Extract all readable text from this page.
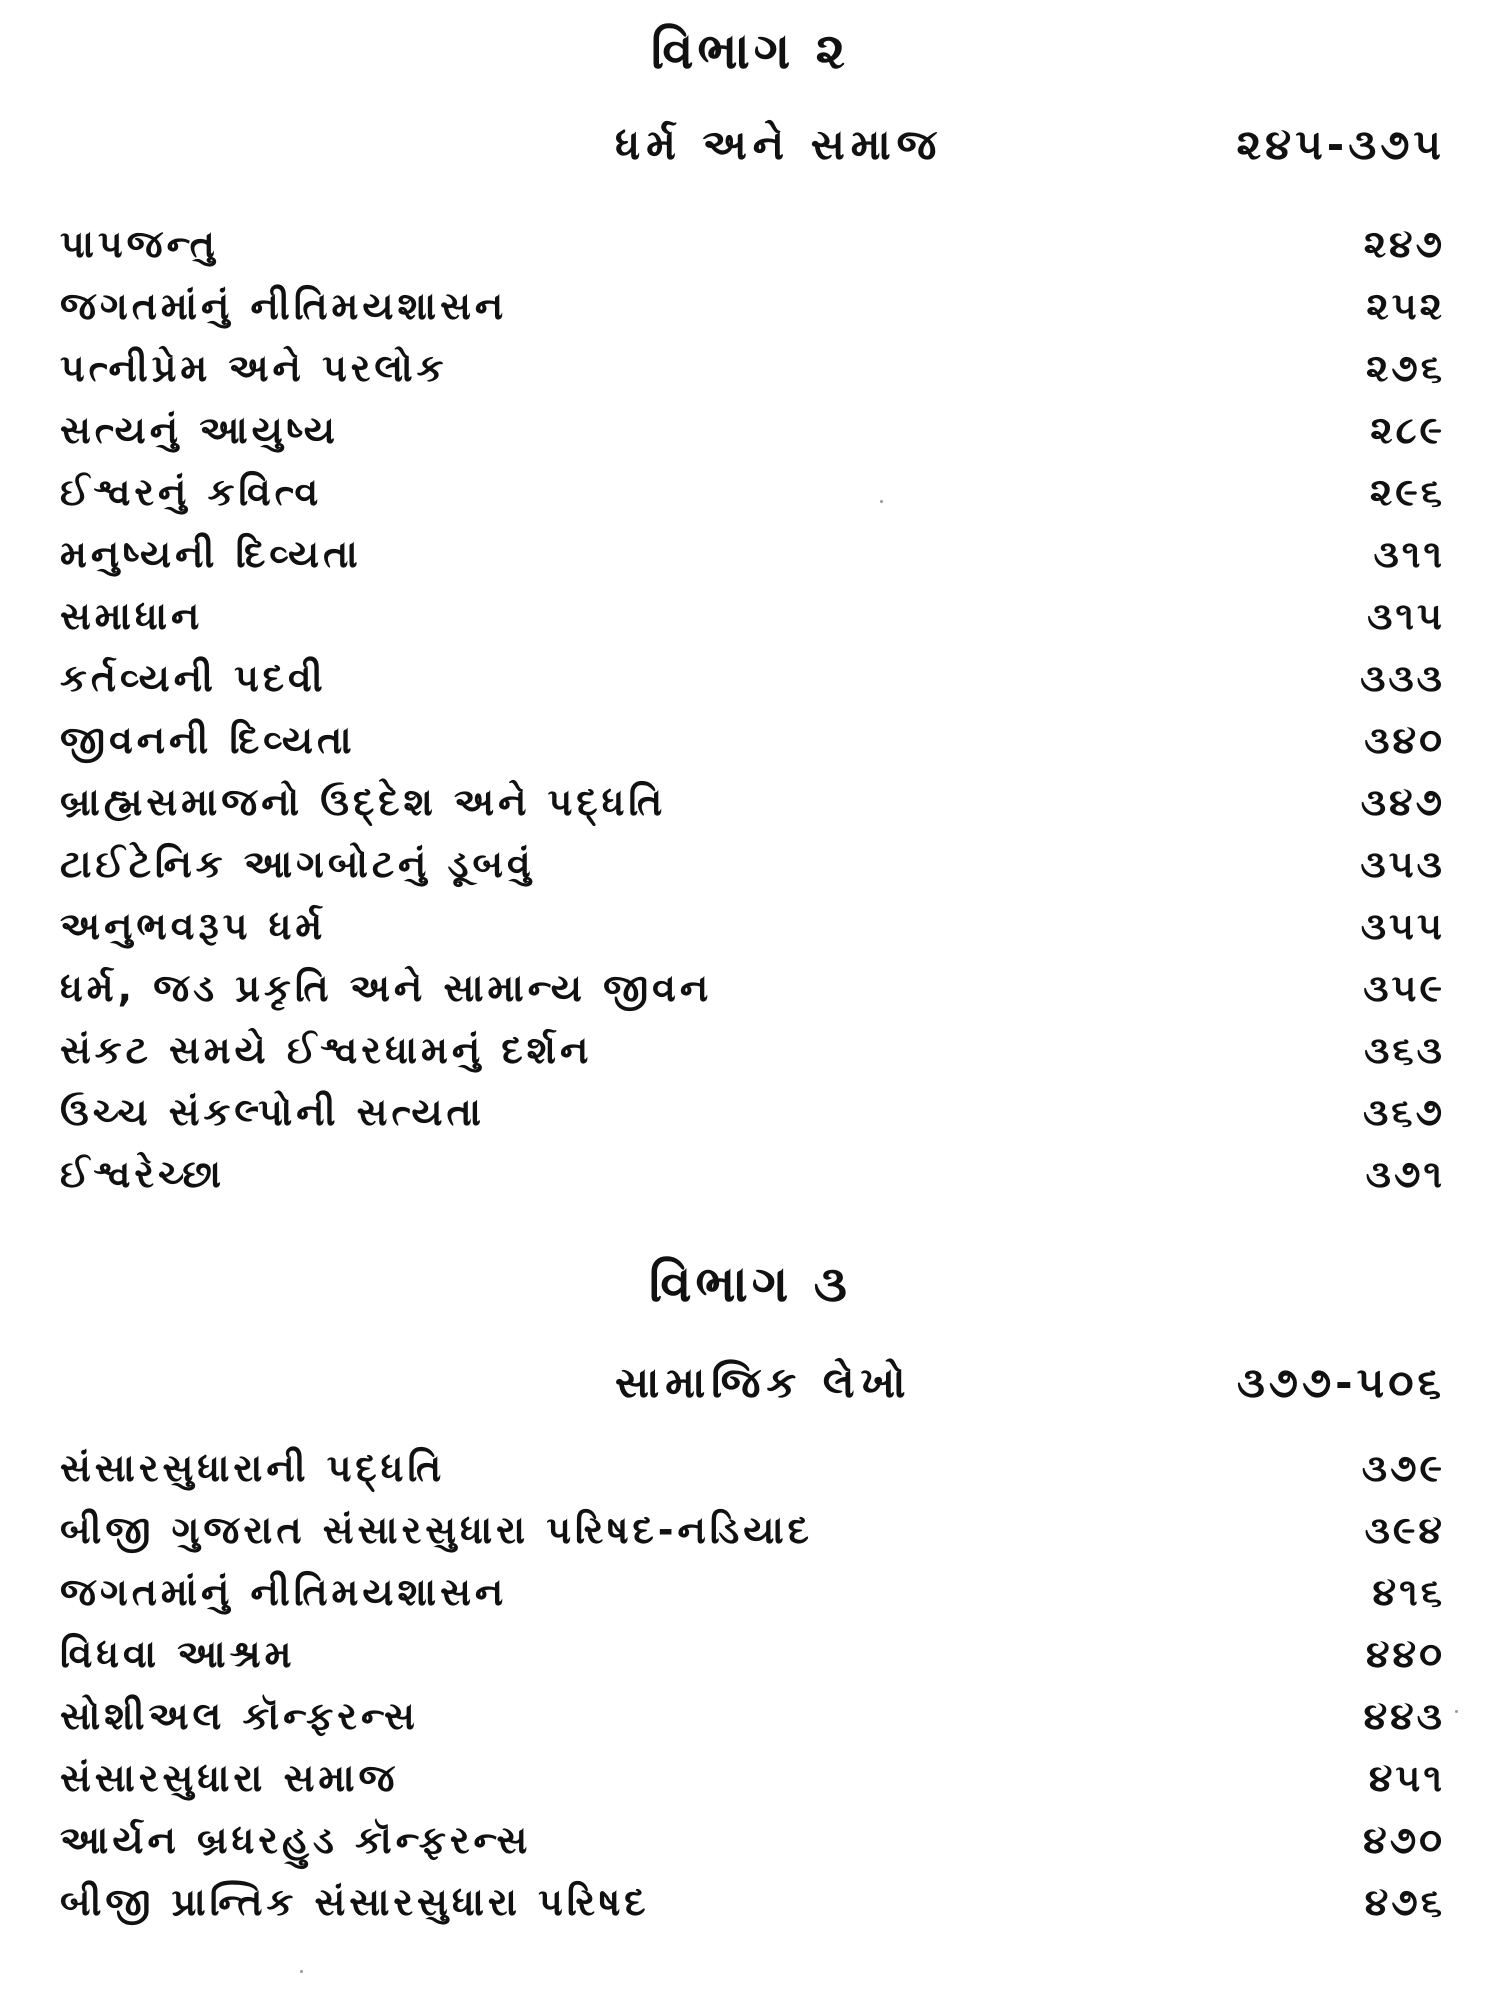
વિભાગ ૨
ધર્મ અને સમાજ	૨૪૫-૩૭૫
પાપજન્તુ	૨૪૭
જગતમાંનું નીતિમયશાસન	૨૫૨
પત્નીપ્રેમ અને પરલોક	૨૭૬
સત્યનું આયુષ્ય	૨૮૯
ઈશ્વરનું કવિત્વ	૨૯૬
મનુષ્યની દિવ્યતા	૩૧૧
સમાધાન	૩૧૫
કર્તવ્યની પદવી	૩૩૩
જીવનની દિવ્યતા	૩૪૦
બ્રાહ્મસમાજનો ઉદ્દેશ અને પદ્ધતિ	૩૪૭
ટાઈટેનિક આગબોટનું ડૂબવું	૩૫૩
અનુભવરૂપ ધર્મ	૩૫૫
ધર્મ, જડ પ્રકૃતિ અને સામાન્ય જીવન	૩૫૯
સંકટ સમયે ઈશ્વરધામનું દર્શન	૩૬૩
ઉચ્ચ સંકલ્પોની સત્યતા	૩૬૭
ઈશ્વરેચ્છા	૩૭૧
વિભાગ ૩
સામાજિક લેખો	૩૭૭-૫૦૬
સંસારસુધારાની પદ્ધતિ	૩૭૯
બીજી ગુજરાત સંસારસુધારા પરિષદ-નડિયાદ	૩૯૪
જગતમાંનું નીતિમયશાસન	૪૧૬
વિધવા આશ્રમ	૪૪૦
સોશીઅલ કૉન્ફરન્સ	૪૪૩
સંસારસુધારા સમાજ	૪૫૧
આર્યન બ્રધરહુડ કૉન્ફરન્સ	૪૭૦
બીજી પ્રાન્તિક સંસારસુધારા પરિષદ	૪૭૬
